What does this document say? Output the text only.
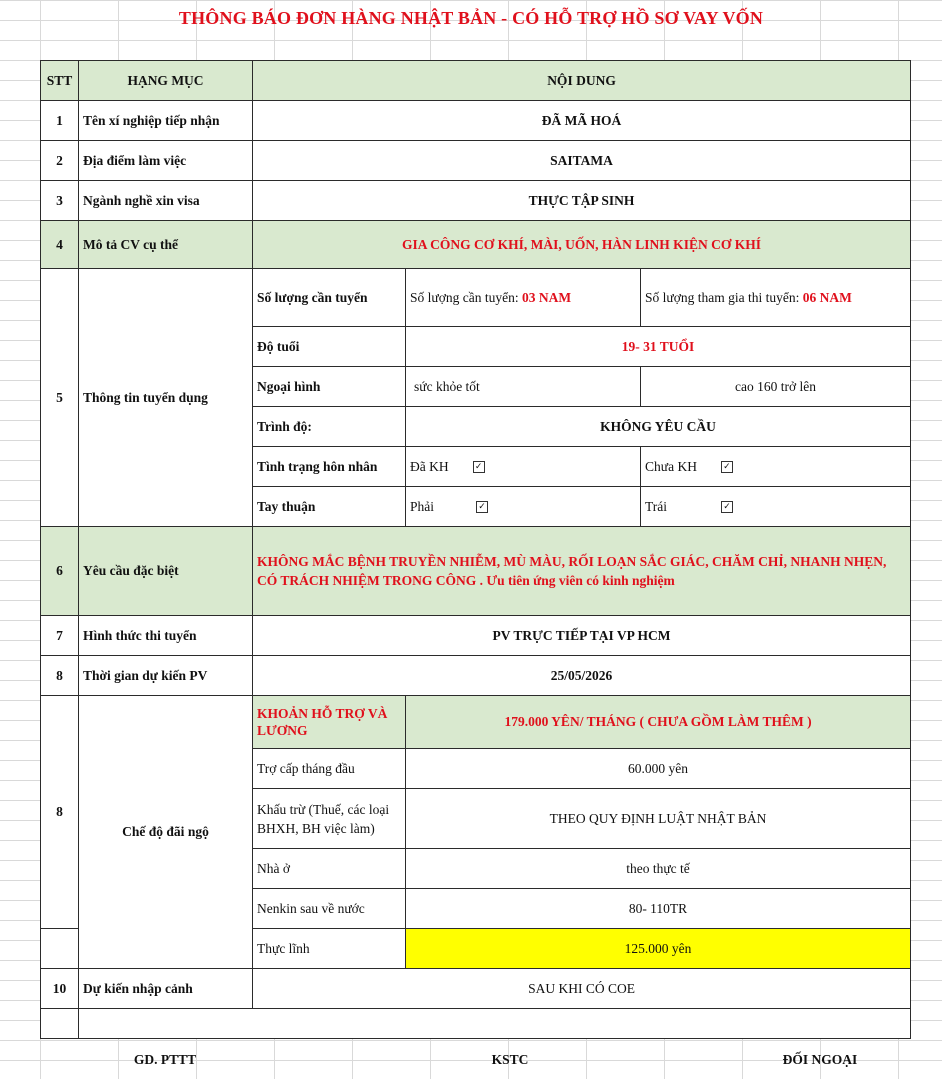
THÔNG BÁO ĐƠN HÀNG NHẬT BẢN - CÓ HỖ TRỢ HỒ SƠ VAY VỐN
STT	HẠNG MỤC	NỘI DUNG		
1	Tên xí nghiệp tiếp nhận	ĐÃ MÃ HOÁ		
2	Địa điểm làm việc	SAITAMA		
3	Ngành nghề xin visa	THỰC TẬP SINH		
4	Mô tả CV cụ thể	GIA CÔNG CƠ KHÍ, MÀI, UỐN, HÀN LINH KIỆN CƠ KHÍ		
5	Thông tin tuyển dụng	Số lượng cần tuyển	Số lượng cần tuyển: 03 NAM	Số lượng tham gia thi tuyển: 06 NAM
		Độ tuổi	19- 31 TUỔI	
		Ngoại hình	sức khỏe tốt	cao 160 trở lên
		Trình độ:	KHÔNG YÊU CẦU	
		Tình trạng hôn nhân	Đã KH ✓	Chưa KH ✓
		Tay thuận	Phải ✓	Trái ✓
6	Yêu cầu đặc biệt	KHÔNG MẮC BỆNH TRUYỀN NHIỄM, MÙ MÀU, RỐI LOẠN SẮC GIÁC, CHĂM CHỈ, NHANH NHẸN, CÓ TRÁCH NHIỆM TRONG CÔNG . Ưu tiên ứng viên có kinh nghiệm		
7	Hình thức thi tuyển	PV TRỰC TIẾP TẠI VP HCM		
8	Thời gian dự kiến PV	25/05/2026		
8	Chế độ đãi ngộ	KHOẢN HỖ TRỢ VÀ LƯƠNG	179.000 YÊN/ THÁNG ( CHƯA GỒM LÀM THÊM )	
		Trợ cấp tháng đầu	60.000 yên	
		Khấu trừ (Thuế, các loại BHXH, BH việc làm)	THEO QUY ĐỊNH LUẬT NHẬT BẢN	
		Nhà ở	theo thực tế	
		Nenkin sau về nước	80- 110TR	
		Thực lĩnh	125.000 yên	
10	Dự kiến nhập cảnh	SAU KHI CÓ COE		

GD. PTTT	KSTC	ĐỐI NGOẠI
